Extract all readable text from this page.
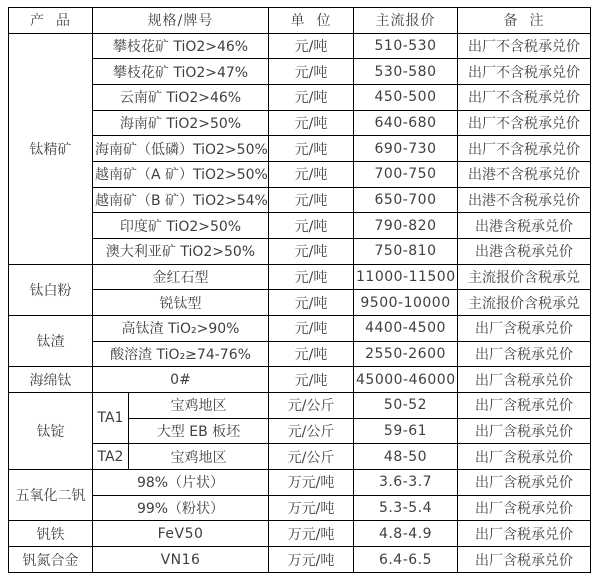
产  品	规格/牌号		单  位	主流报价	备  注
钛精矿	攀枝花矿 TiO2>46%		元/吨	510-530	出厂不含税承兑价
	攀枝花矿 TiO2>47%		元/吨	530-580	出厂不含税承兑价
	云南矿 TiO2>46%		元/吨	450-500	出厂不含税承兑价
	海南矿 TiO2>50%		元/吨	640-680	出厂不含税承兑价
	海南矿（低磷）TiO2>50%		元/吨	690-730	出厂不含税承兑价
	越南矿（A 矿）TiO2>50%		元/吨	700-750	出港不含税承兑价
	越南矿（B 矿）TiO2>54%		元/吨	650-700	出港不含税承兑价
	印度矿 TiO2>50%		元/吨	790-820	出港含税承兑价
	澳大利亚矿 TiO2>50%		元/吨	750-810	出港含税承兑价
钛白粉	金红石型		元/吨	11000-11500	主流报价含税承兑
	锐钛型		元/吨	9500-10000	主流报价含税承兑
钛渣	高钛渣 TiO₂>90%		元/吨	4400-4500	出厂含税承兑价
	酸溶渣 TiO₂≥74-76%		元/吨	2550-2600	出厂含税承兑价
海绵钛	0#		元/吨	45000-46000	出厂含税承兑价
钛锭	TA1	宝鸡地区	元/公斤	50-52	出厂含税承兑价
		大型 EB 板坯	元/公斤	59-61	出厂含税承兑价
	TA2	宝鸡地区	元/公斤	48-50	出厂含税承兑价
五氧化二钒	98%（片状）		万元/吨	3.6-3.7	出厂含税承兑价
	99%（粉状）		万元/吨	5.3-5.4	出厂含税承兑价
钒铁	FeV50		万元/吨	4.8-4.9	出厂含税承兑价
钒氮合金	VN16		万元/吨	6.4-6.5	出厂含税承兑价
